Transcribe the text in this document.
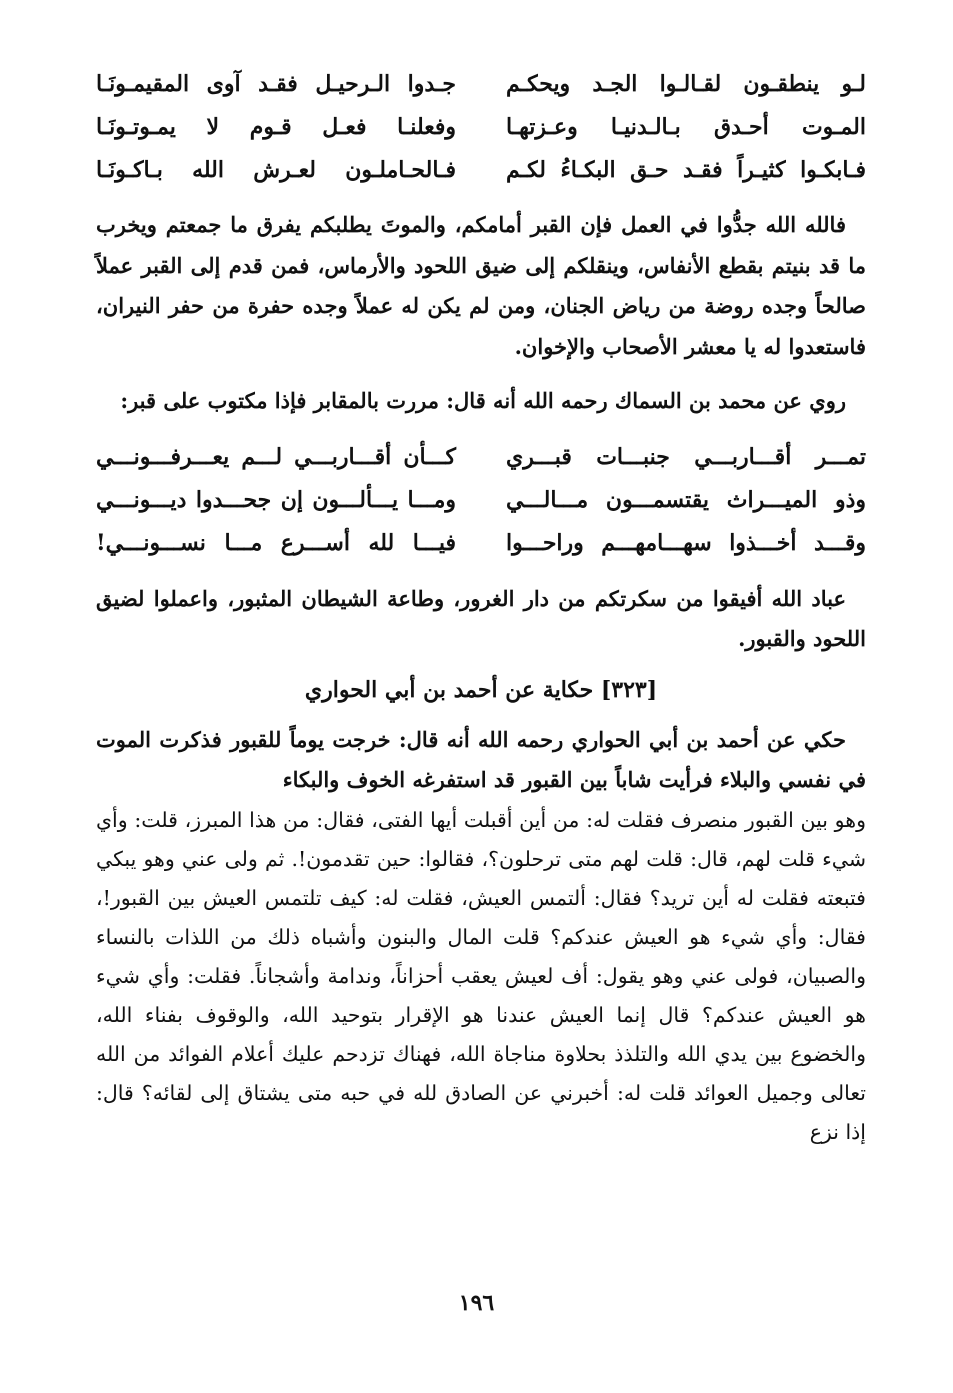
لـو ينطقـون لقـالـوا الجـد ويحكـم
جـدوا الـرحيـل فقـد آوى المقيمـونَـا
المـوت أحـدق بـالـدنيـا وعـزتهـا
وفعلنـا فعـل قـوم لا يمـوتـونَـا
فـابكـوا كثيـراً فقـد حـق البكـاءُ لكـم
فـالحـاملـون لعـرش الله بـاكـونَـا

فالله الله جدُّوا في العمل فإن القبر أمامكم، والموتَ يطلبكم يفرق ما جمعتم ويخرب ما قد بنيتم بقطع الأنفاس، وينقلكم إلى ضيق اللحود والأرماس، فمن قدم إلى القبر عملاً صالحاً وجده روضة من رياض الجنان، ومن لم يكن له عملاً وجده حفرة من حفر النيران، فاستعدوا له يا معشر الأصحاب والإخوان.

روي عن محمد بن السماك رحمه الله أنه قال: مررت بالمقابر فإذا مكتوب على قبر:

تمـــر أقـــاربـــي جنبـــات قبـــري
كـــأن أقـــاربـــي لـــم يعـــرفـــونـــي
وذو الميـــراث يقتسمـــون مـــالـــي
ومـــا يـــألـــون إن جحـــدوا ديـــونـــي
وقـــد أخـــذوا سهـــامهـــم وراحـــوا
فيـــا لله أســـرع مـــا نســـونـــي!

عباد الله أفيقوا من سكرتكم من دار الغرور، وطاعة الشيطان المثبور، واعملوا لضيق اللحود والقبور.

[٣٢٣] حكاية عن أحمد بن أبي الحواري

حكي عن أحمد بن أبي الحواري رحمه الله أنه قال: خرجت يوماً للقبور فذكرت الموت في نفسي والبلاء فرأيت شاباً بين القبور قد استفرغه الخوف والبكاء

وهو بين القبور منصرف فقلت له: من أين أقبلت أيها الفتى، فقال: من هذا المبرز، قلت: وأي شيء قلت لهم، قال: قلت لهم متى ترحلون؟، فقالوا: حين تقدمون!. ثم ولى عني وهو يبكي فتبعته فقلت له أين تريد؟ فقال: ألتمس العيش، فقلت له: كيف تلتمس العيش بين القبور!، فقال: وأي شيء هو العيش عندكم؟ قلت المال والبنون وأشباه ذلك من اللذات بالنساء والصبيان، فولى عني وهو يقول: أف لعيش يعقب أحزاناً، وندامة وأشجاناً. فقلت: وأي شيء هو العيش عندكم؟ قال إنما العيش عندنا هو الإقرار بتوحيد الله، والوقوف بفناء الله، والخضوع بين يدي الله والتلذذ بحلاوة مناجاة الله، فهناك تزدحم عليك أعلام الفوائد من الله تعالى وجميل العوائد قلت له: أخبرني عن الصادق لله في حبه متى يشتاق إلى لقائه؟ قال: إذا نزع

١٩٦
